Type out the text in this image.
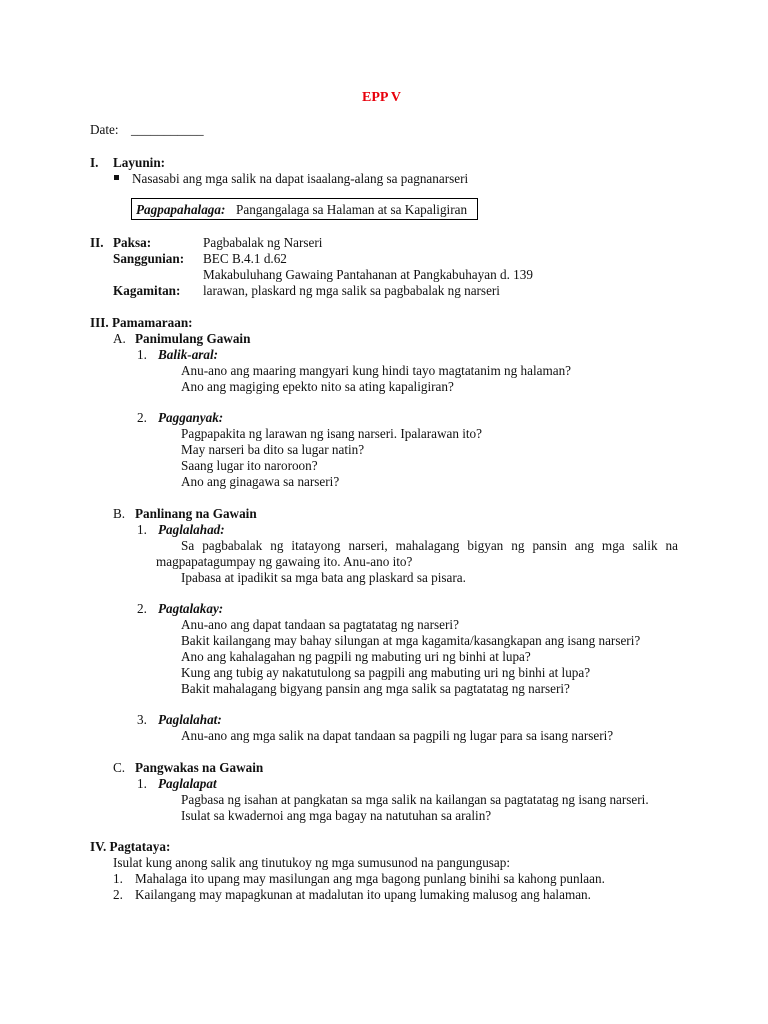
EPP V
Date: ___________
I. Layunin:
Nasasabi ang mga salik na dapat isaalang-alang sa pagnanarseri
Pagpapahalaga: Pangangalaga sa Halaman at sa Kapaligiran
II. Paksa:	Pagbabalak ng Narseri
Sanggunian: BEC B.4.1 d.62
Makabuluhang Gawaing Pantahanan at Pangkabuhayan d. 139
Kagamitan: larawan, plaskard ng mga salik sa pagbabalak ng narseri
III. Pamamaraan:
A. Panimulang Gawain
1. Balik-aral:
Anu-ano ang maaring mangyari kung hindi tayo magtatanim ng halaman?
Ano ang magiging epekto nito sa ating kapaligiran?
2. Pagganyak:
Pagpapakita ng larawan ng isang narseri. Ipalarawan ito?
May narseri ba dito sa lugar natin?
Saang lugar ito naroroon?
Ano ang ginagawa sa narseri?
B. Panlinang na Gawain
1. Paglalahad:

Sa pagbabalak ng itatayong narseri, mahalagang bigyan ng pansin ang mga salik na magpapatagumpay ng gawaing ito. Anu-ano ito?

Ipabasa at ipadikit sa mga bata ang plaskard sa pisara.
2. Pagtalakay:
Anu-ano ang dapat tandaan sa pagtatatag ng narseri?
Bakit kailangang may bahay silungan at mga kagamita/kasangkapan ang isang narseri?
Ano ang kahalagahan ng pagpili ng mabuting uri ng binhi at lupa?
Kung ang tubig ay nakatutulong sa pagpili ang mabuting uri ng binhi at lupa?
Bakit mahalagang bigyang pansin ang mga salik sa pagtatatag ng narseri?
3. Paglalahat:
Anu-ano ang mga salik na dapat tandaan sa pagpili ng lugar para sa isang narseri?
C. Pangwakas na Gawain
1. Paglalapat
Pagbasa ng isahan at pangkatan sa mga salik na kailangan sa pagtatatag ng isang narseri.
Isulat sa kwadernoi ang mga bagay na natutuhan sa aralin?
IV. Pagtataya:
Isulat kung anong salik ang tinutukoy ng mga sumusunod na pangungusap:
1. Mahalaga ito upang may masilungan ang mga bagong punlang binihi sa kahong punlaan.
2. Kailangang may mapagkunan at madalutan ito upang lumaking malusog ang halaman.
